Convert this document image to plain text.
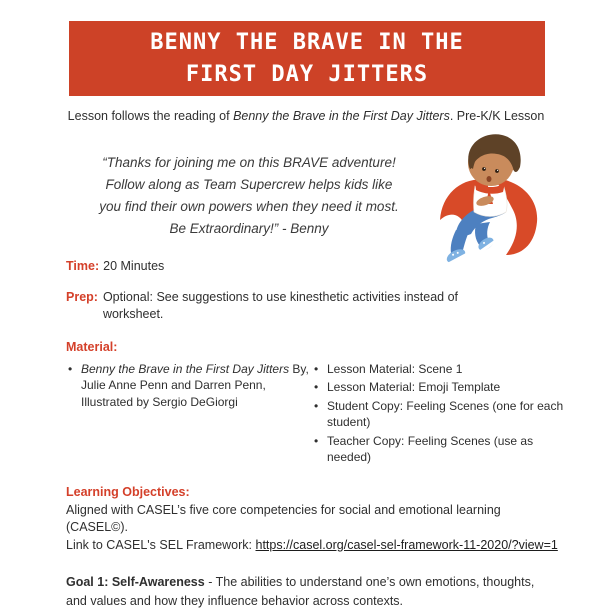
BENNY THE BRAVE IN THE
FIRST DAY JITTERS

Lesson follows the reading of Benny the Brave in the First Day Jitters. Pre-K/K Lesson

“Thanks for joining me on this BRAVE adventure!
Follow along as Team Supercrew helps kids like
you find their own powers when they need it most.
Be Extraordinary!” - Benny
Time: 20 Minutes
Prep: Optional: See suggestions to use kinesthetic activities instead of worksheet.
Material:
• Benny the Brave in the First Day Jitters By, Julie Anne Penn and Darren Penn, Illustrated by Sergio DeGiorgi
• Lesson Material: Scene 1
• Lesson Material: Emoji Template
• Student Copy: Feeling Scenes (one for each student)
• Teacher Copy: Feeling Scenes (use as needed)
Learning Objectives:

Aligned with CASEL’s five core competencies for social and emotional learning (CASEL©).

Link to CASEL's SEL Framework: https://casel.org/casel-sel-framework-11-2020/?view=1

Goal 1: Self-Awareness - The abilities to understand one’s own emotions, thoughts, and values and how they influence behavior across contexts.
